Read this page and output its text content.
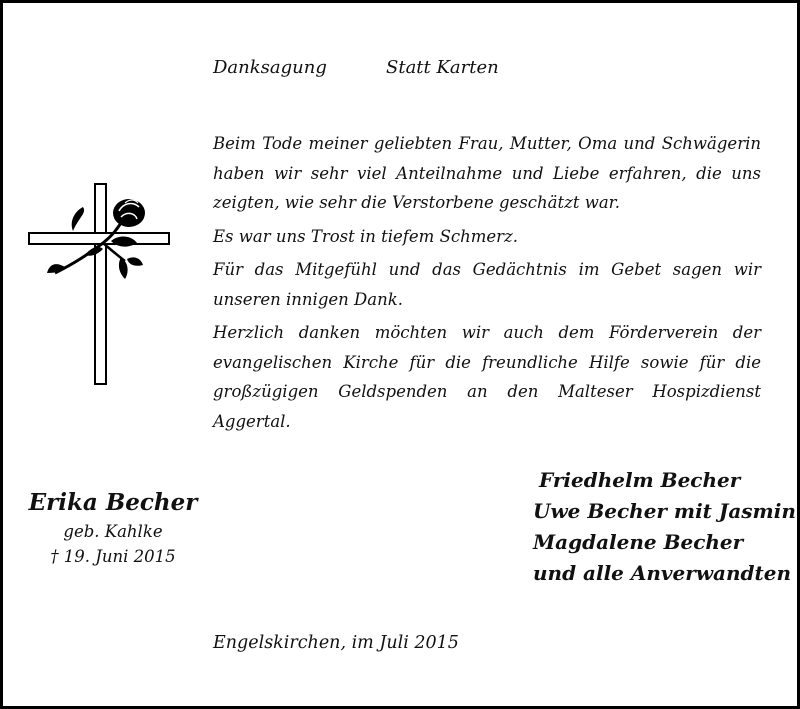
Danksagung	Statt Karten

Beim Tode meiner geliebten Frau, Mutter, Oma und Schwägerin haben wir sehr viel Anteilnahme und Liebe erfahren, die uns zeigten, wie sehr die Verstorbene geschätzt war.

Es war uns Trost in tiefem Schmerz.

Für das Mitgefühl und das Gedächtnis im Gebet sagen wir unseren innigen Dank.

Herzlich danken möchten wir auch dem Förderverein der evangelischen Kirche für die freundliche Hilfe sowie für die großzügigen Geldspenden an den Malteser Hospizdienst Aggertal.

Erika Becher
geb. Kahlke
† 19. Juni 2015
Friedhelm Becher
Uwe Becher mit Jasmin
Magdalene Becher
und alle Anverwandten
Engelskirchen, im Juli 2015
